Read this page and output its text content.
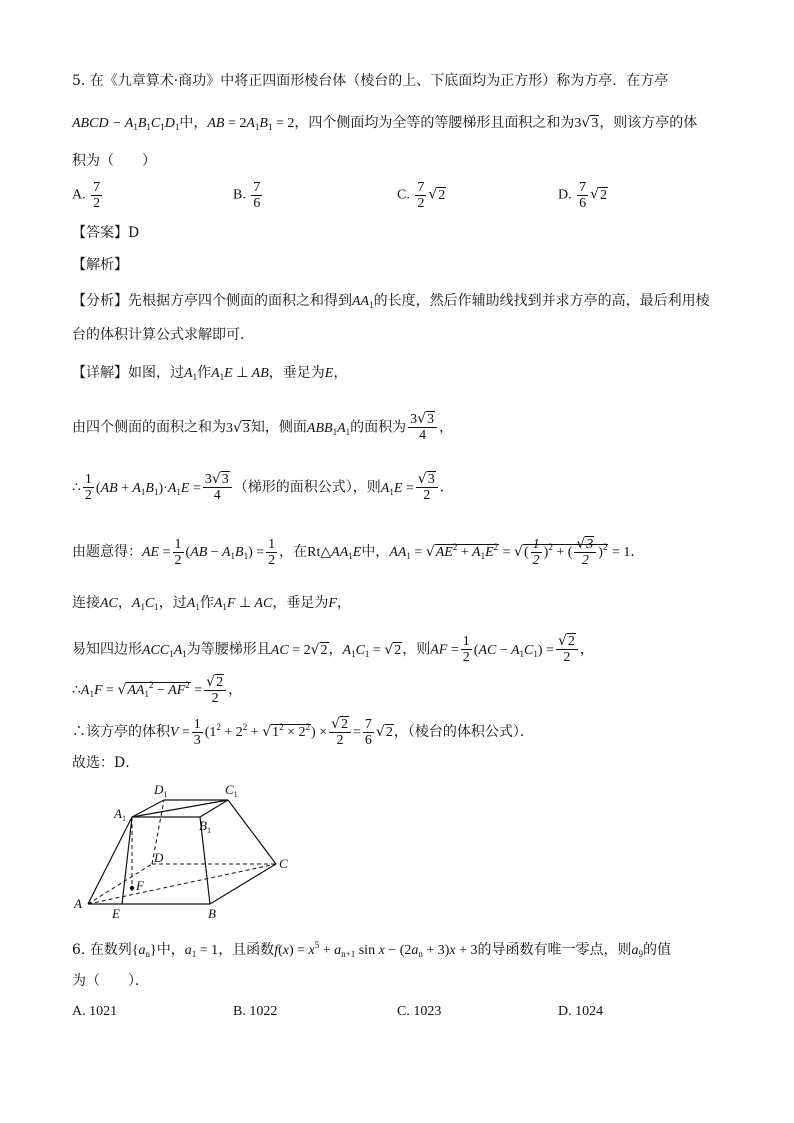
5. 在《九章算术·商功》中将正四面形棱台体（棱台的上、下底面均为正方形）称为方亭．在方亭
ABCD − $A_1B_1C_1D_1$中，AB = $2A_1B_1 = 2$，四个侧面均为全等的等腰梯形且面积之和为3√3，则该方亭的体
积为（　　）
A. $\frac{7}{2}$	B. $\frac{7}{6}$	C. $\frac{7}{2} √2$	D. $\frac{7}{6} √2$
【答案】D
【解析】
【分析】先根据方亭四个侧面的面积之和得到$AA_1$的长度，然后作辅助线找到并求方亭的高，最后利用棱
台的体积计算公式求解即可．
【详解】如图，过$A_1$作$A_1E$ ⊥ AB，垂足为E，
由四个侧面的面积之和为3√3知，侧面$ABB_1A_1$的面积为 $\frac{3√3}{4}$ ，
∴ $\frac{1}{2} (AB + A_1B_1)\cdot A_1E = \frac{3√3}{4}$ （梯形的面积公式），则$A_1E = \frac{√3}{2}$ ．
由题意得：AE = $\frac{1}{2} (AB - A_1B_1) = \frac{1}{2}$ ，在$Rt\triangle AA_1E$中，$AA_1 = √AE^2 + A_1E^2$ = √( $\frac{1}{2} )^2$ + ( $\frac{√3}{2} )^2 = 1$．
连接AC，$A_1C_1$，过$A_1$作$A_1F$ ⊥ AC，垂足为F，
易知四边形$ACC_1A_1$为等腰梯形且AC = 2√2，$A_1C_1 = √2$，则AF = $\frac{1}{2} (AC - A_1C_1) = \frac{√2}{2}$ ，
$\therefore A_1F = √AA_1^2 - AF^2 = \frac{√2}{2}$ ，
∴该方亭的体积$V = \frac{1}{3} (1^2 + 2^2 + √1^2 \times 2^2) \times \frac{√2}{2} = \frac{7}{6} √2$，（棱台的体积公式）．
故选：D．
$D_1$	$C_1$
$A_1$	$B_1$
D	C
F
A
E	B
6. 在数列$\{a_n\}$中，$a_1 = 1$，且函数$f(x) = x^5 + a_{n+1}$ $\sin x - (2a_n + 3)x + 3$的导函数有唯一零点，则$a_9$的值
为（　　）．
A. 1021	B. 1022	C. 1023	D. 1024
